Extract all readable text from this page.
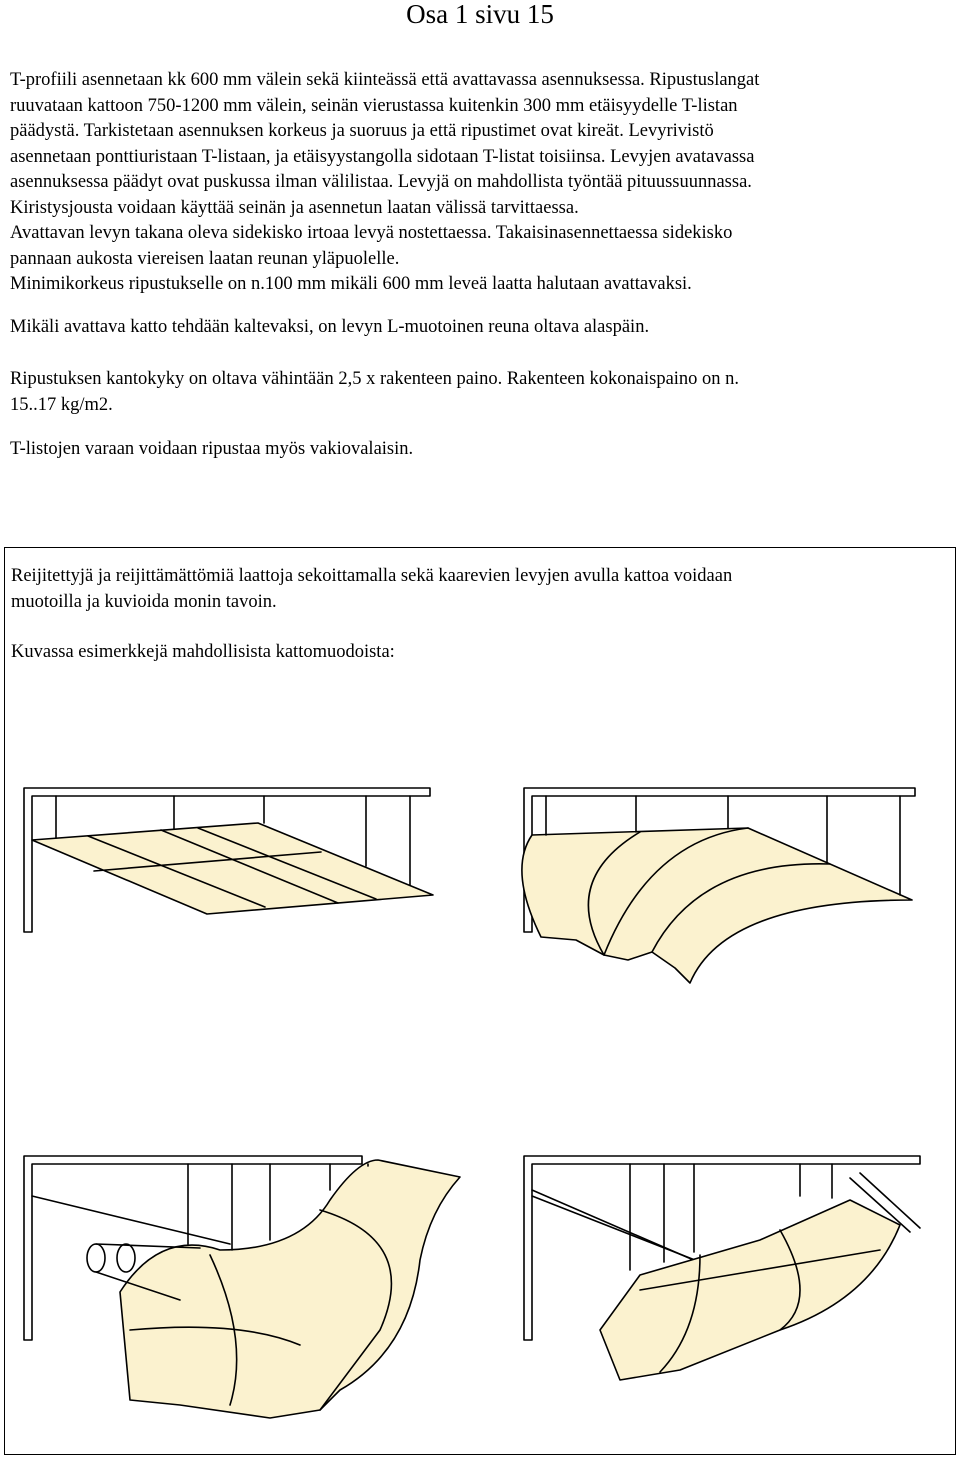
Osa 1 sivu 15

T-profiili asennetaan kk 600 mm välein sekä kiinteässä että avattavassa asennuksessa. Ripustuslangat
ruuvataan kattoon 750-1200 mm välein, seinän vierustassa kuitenkin 300 mm etäisyydelle T-listan
päädystä. Tarkistetaan asennuksen korkeus ja suoruus ja että ripustimet ovat kireät. Levyrivistö
asennetaan ponttiuristaan T-listaan, ja etäisyystangolla sidotaan T-listat toisiinsa. Levyjen avatavassa
asennuksessa päädyt ovat puskussa ilman välilistaa. Levyjä on mahdollista työntää pituussuunnassa.
Kiristysjousta voidaan käyttää seinän ja asennetun laatan välissä tarvittaessa.
Avattavan levyn takana oleva sidekisko irtoaa levyä nostettaessa. Takaisinasennettaessa sidekisko
pannaan aukosta viereisen laatan reunan yläpuolelle.
Minimikorkeus ripustukselle on n.100 mm mikäli 600 mm leveä laatta halutaan avattavaksi.

Mikäli avattava katto tehdään kaltevaksi, on levyn L-muotoinen reuna oltava alaspäin.

Ripustuksen kantokyky on oltava vähintään 2,5 x rakenteen paino. Rakenteen kokonaispaino on n.
15..17 kg/m2.

T-listojen varaan voidaan ripustaa myös vakiovalaisin.

Reijitettyjä ja reijittämättömiä laattoja sekoittamalla sekä kaarevien levyjen avulla kattoa voidaan
muotoilla ja kuvioida monin tavoin.

Kuvassa esimerkkejä mahdollisista kattomuodoista:
